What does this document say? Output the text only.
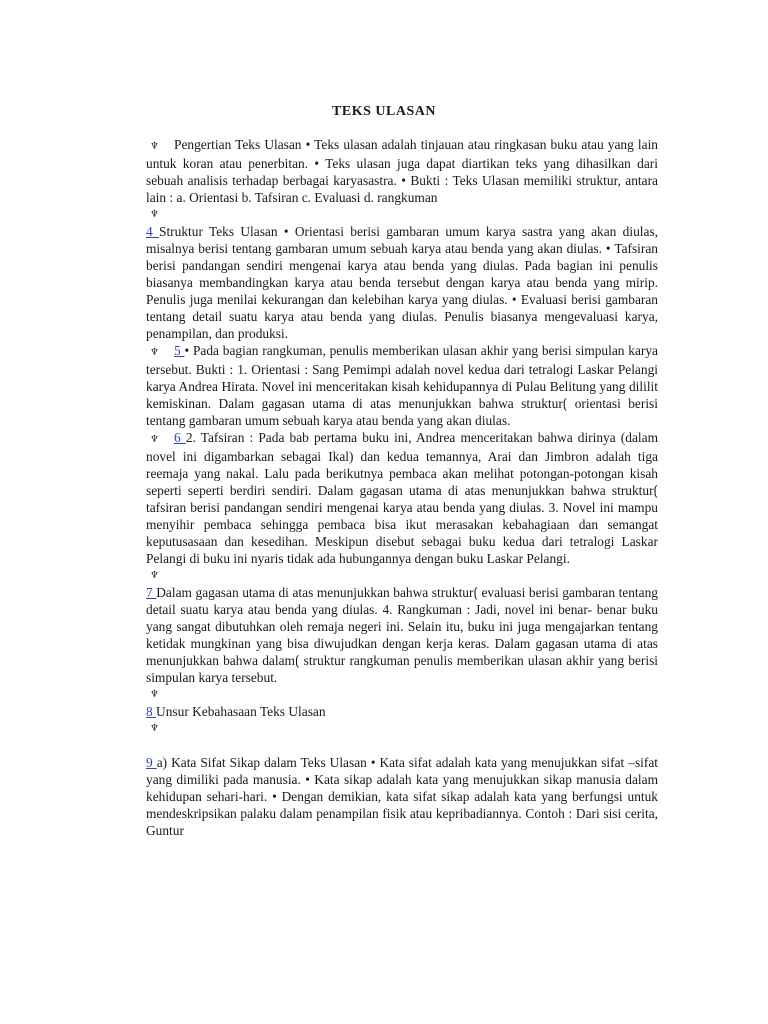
TEKS ULASAN

♆ Pengertian Teks Ulasan • Teks ulasan adalah tinjauan atau ringkasan buku atau yang lain untuk koran atau penerbitan. • Teks ulasan juga dapat diartikan teks yang dihasilkan dari sebuah analisis terhadap berbagai karyasastra. • Bukti : Teks Ulasan memiliki struktur, antara lain : a. Orientasi b. Tafsiran c. Evaluasi d. rangkuman

♆

4 Struktur Teks Ulasan • Orientasi berisi gambaran umum karya sastra yang akan diulas, misalnya berisi tentang gambaran umum sebuah karya atau benda yang akan diulas. • Tafsiran berisi pandangan sendiri mengenai karya atau benda yang diulas. Pada bagian ini penulis biasanya membandingkan karya atau benda tersebut dengan karya atau benda yang mirip. Penulis juga menilai kekurangan dan kelebihan karya yang diulas. • Evaluasi berisi gambaran tentang detail suatu karya atau benda yang diulas. Penulis biasanya mengevaluasi karya, penampilan, dan produksi.

♆ 5 • Pada bagian rangkuman, penulis memberikan ulasan akhir yang berisi simpulan karya tersebut. Bukti : 1. Orientasi : Sang Pemimpi adalah novel kedua dari tetralogi Laskar Pelangi karya Andrea Hirata. Novel ini menceritakan kisah kehidupannya di Pulau Belitung yang dililit kemiskinan. Dalam gagasan utama di atas menunjukkan bahwa struktur⟮ orientasi berisi tentang gambaran umum sebuah karya atau benda yang akan diulas.

♆ 6 2. Tafsiran : Pada bab pertama buku ini, Andrea menceritakan bahwa dirinya (dalam novel ini digambarkan sebagai Ikal) dan kedua temannya, Arai dan Jimbron adalah tiga reemaja yang nakal. Lalu pada berikutnya pembaca akan melihat potongan-potongan kisah seperti seperti berdiri sendiri. Dalam gagasan utama di atas menunjukkan bahwa struktur⟮ tafsiran berisi pandangan sendiri mengenai karya atau benda yang diulas. 3. Novel ini mampu menyihir pembaca sehingga pembaca bisa ikut merasakan kebahagiaan dan semangat keputusasaan dan kesedihan. Meskipun disebut sebagai buku kedua dari tetralogi Laskar Pelangi di buku ini nyaris tidak ada hubungannya dengan buku Laskar Pelangi.

♆

7 Dalam gagasan utama di atas menunjukkan bahwa struktur⟮ evaluasi berisi gambaran tentang detail suatu karya atau benda yang diulas. 4. Rangkuman : Jadi, novel ini benar- benar buku yang sangat dibutuhkan oleh remaja negeri ini. Selain itu, buku ini juga mengajarkan tentang ketidak mungkinan yang bisa diwujudkan dengan kerja keras. Dalam gagasan utama di atas menunjukkan bahwa dalam⟮ struktur rangkuman penulis memberikan ulasan akhir yang berisi simpulan karya tersebut.

♆

8 Unsur Kebahasaan Teks Ulasan

♆

9 a) Kata Sifat Sikap dalam Teks Ulasan • Kata sifat adalah kata yang menujukkan sifat –sifat yang dimiliki pada manusia. • Kata sikap adalah kata yang menujukkan sikap manusia dalam kehidupan sehari-hari. • Dengan demikian, kata sifat sikap adalah kata yang berfungsi untuk mendeskripsikan palaku dalam penampilan fisik atau kepribadiannya. Contoh : Dari sisi cerita, Guntur
